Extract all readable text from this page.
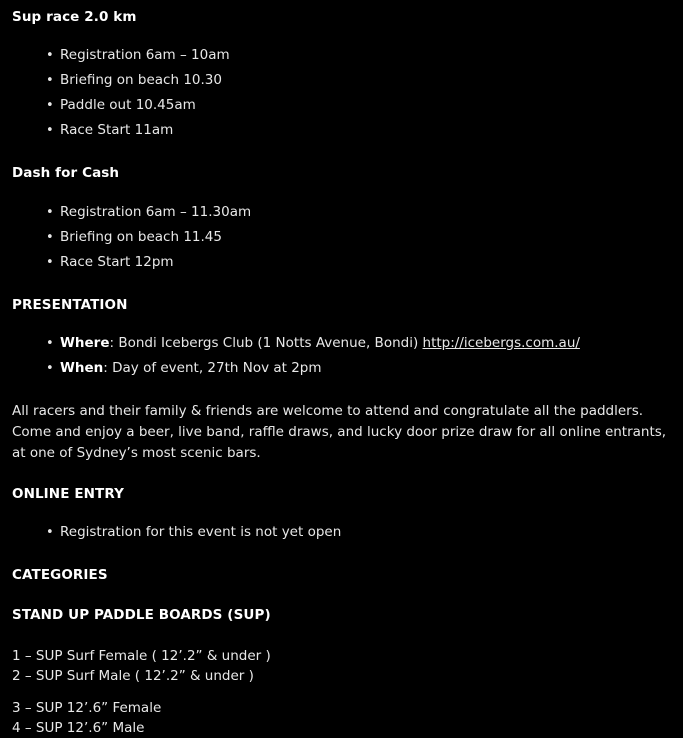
Sup race 2.0 km
• Registration 6am – 10am
• Briefing on beach 10.30
• Paddle out 10.45am
• Race Start 11am
Dash for Cash
• Registration 6am – 11.30am
• Briefing on beach 11.45
• Race Start 12pm
PRESENTATION
• Where: Bondi Icebergs Club (1 Notts Avenue, Bondi) http://icebergs.com.au/
• When: Day of event, 27th Nov at 2pm

All racers and their family & friends are welcome to attend and congratulate all the paddlers. Come and enjoy a beer, live band, raffle draws, and lucky door prize draw for all online entrants, at one of Sydney’s most scenic bars.

ONLINE ENTRY
• Registration for this event is not yet open
CATEGORIES
STAND UP PADDLE BOARDS (SUP)
1 – SUP Surf Female ( 12’.2” & under )
2 – SUP Surf Male ( 12’.2” & under )
3 – SUP 12’.6” Female
4 – SUP 12’.6” Male
